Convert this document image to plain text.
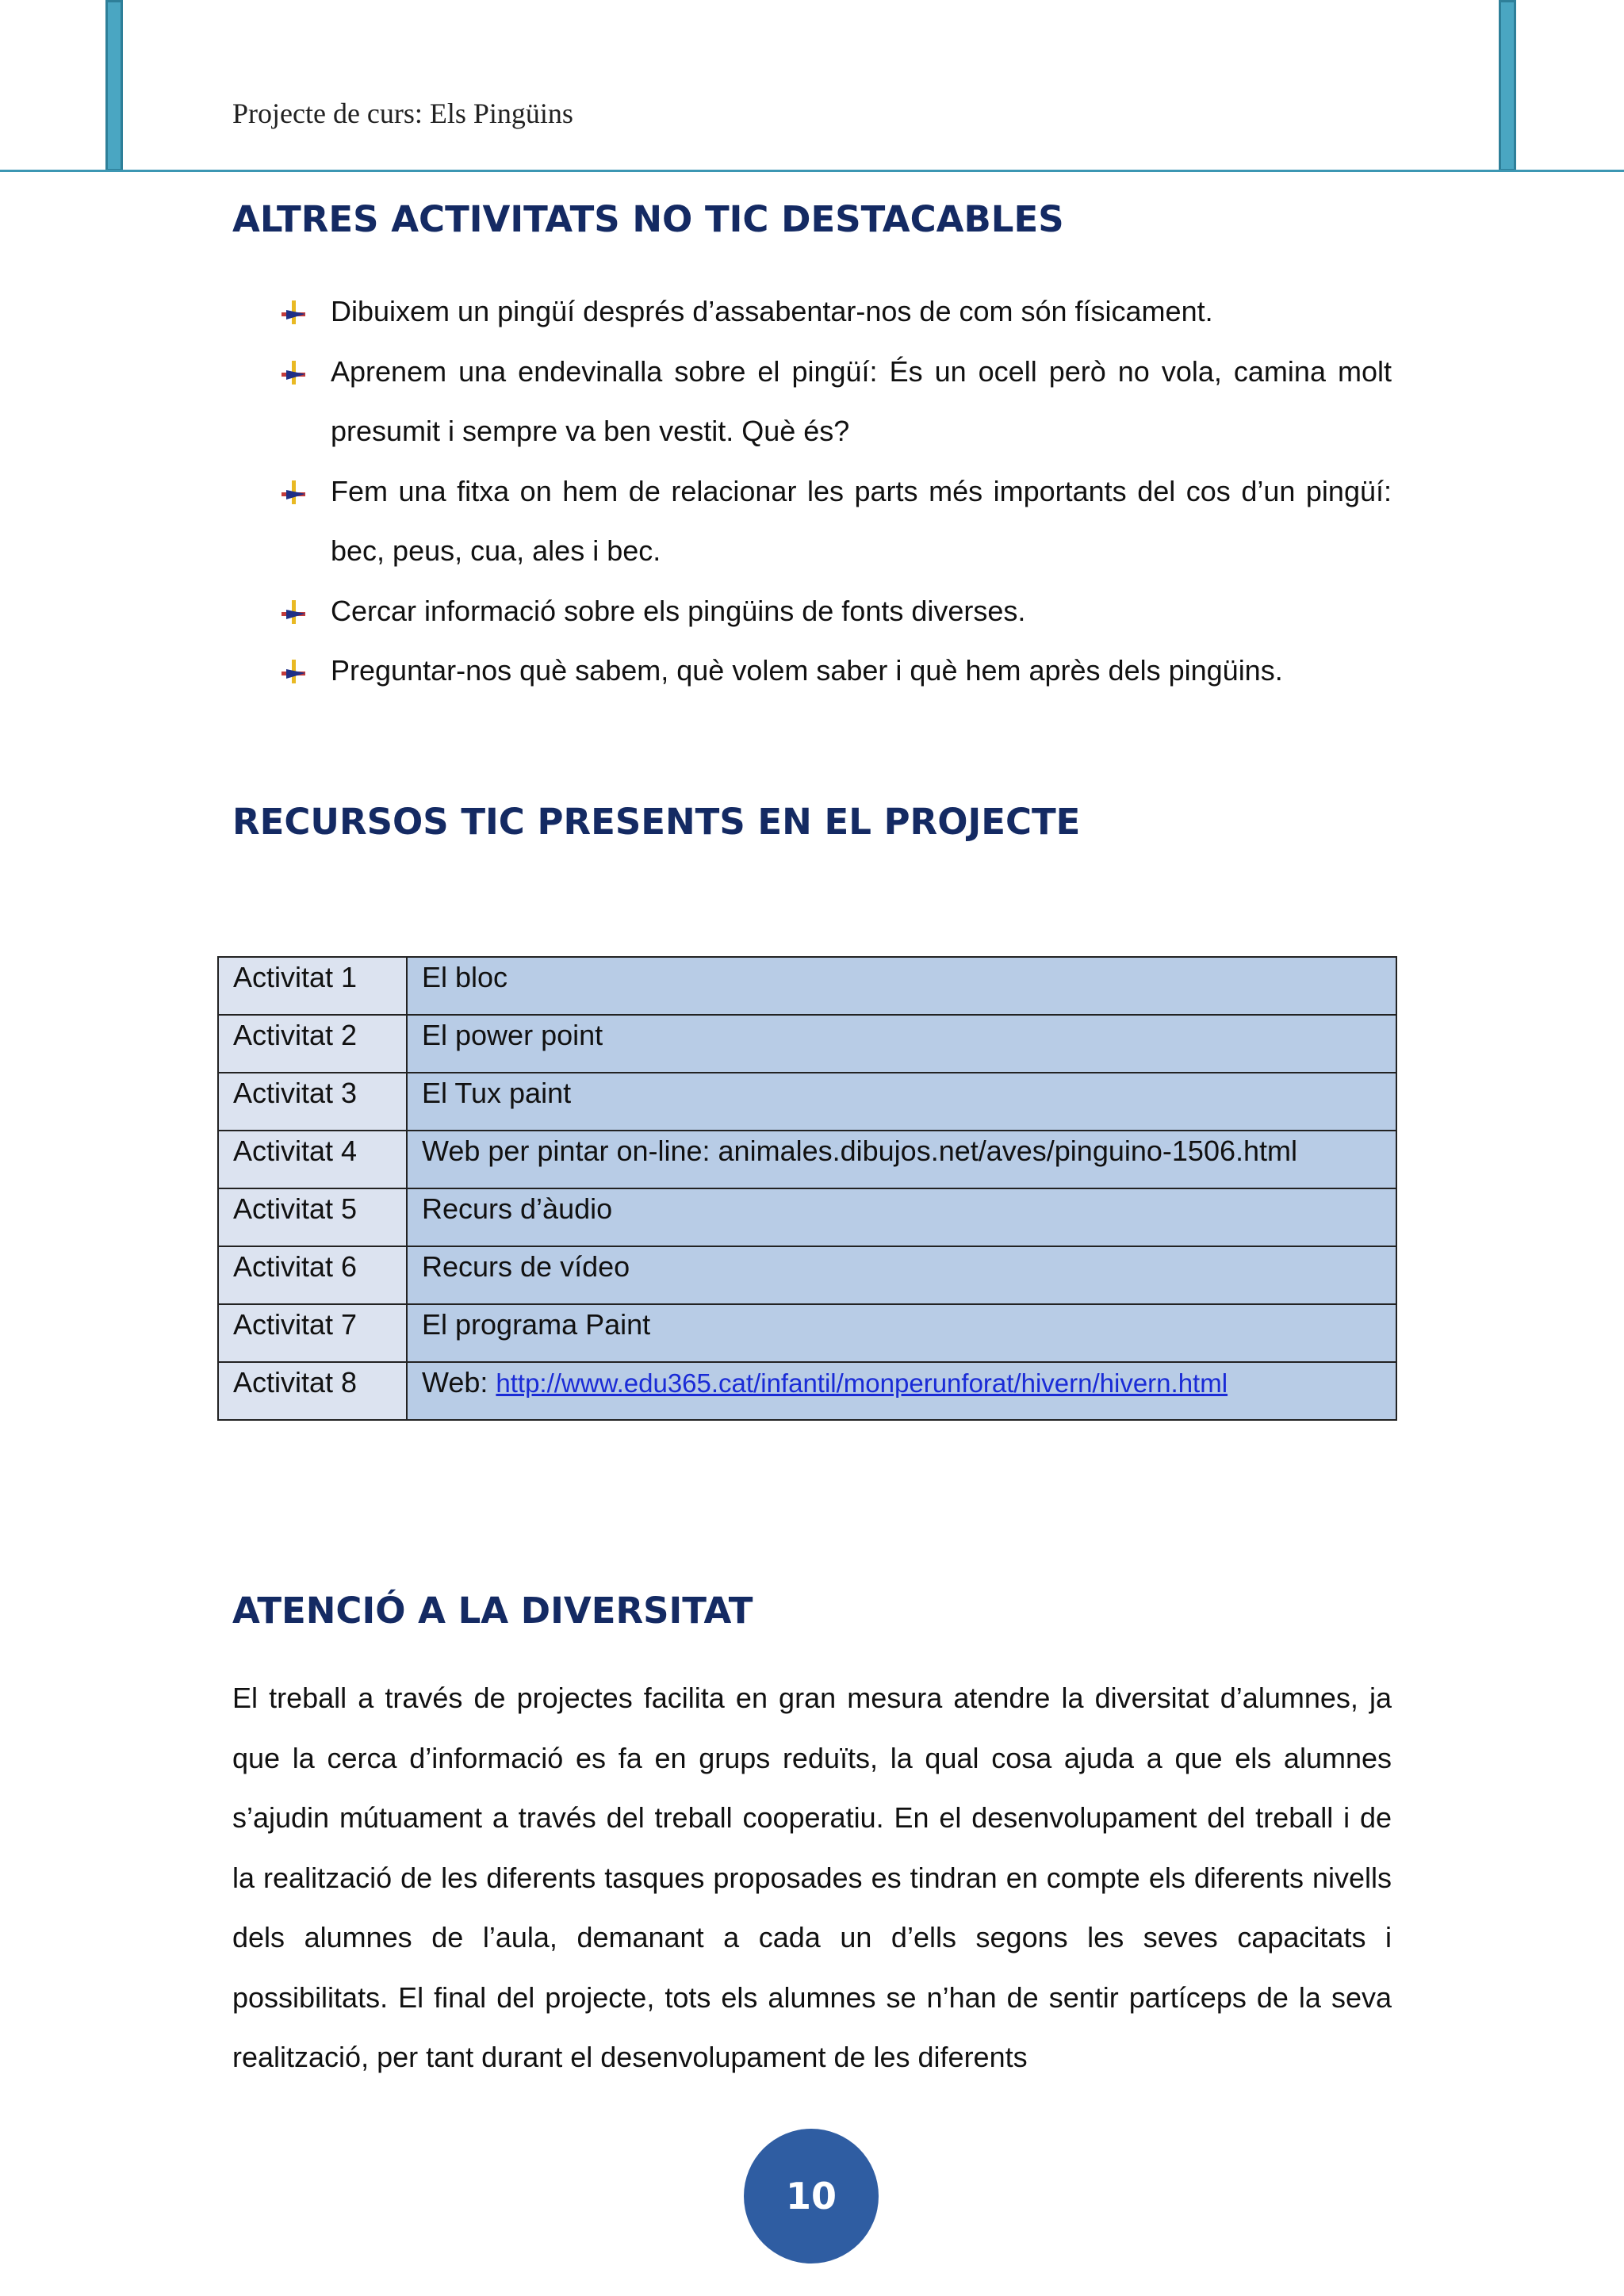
Projecte de curs: Els Pingüins
ALTRES ACTIVITATS NO TIC DESTACABLES
Dibuixem un pingüí després d’assabentar-nos de com són físicament.
Aprenem una endevinalla sobre el pingüí: És un ocell però no vola, camina molt presumit i sempre va ben vestit. Què és?
Fem una fitxa on hem de relacionar les parts més importants del cos d’un pingüí: bec, peus, cua, ales i bec.
Cercar informació sobre els pingüins de fonts diverses.
Preguntar-nos què sabem, què volem saber i què hem après dels pingüins.
RECURSOS TIC PRESENTS EN EL PROJECTE
Activitat 1	El bloc
Activitat 2	El power point
Activitat 3	El Tux paint
Activitat 4	Web per pintar on-line: animales.dibujos.net/aves/pinguino-1506.html
Activitat 5	Recurs d’àudio
Activitat 6	Recurs de vídeo
Activitat 7	El programa Paint
Activitat 8	Web: http://www.edu365.cat/infantil/monperunforat/hivern/hivern.html
ATENCIÓ A LA DIVERSITAT

El treball a través de projectes facilita en gran mesura atendre la diversitat d’alumnes, ja que la cerca d’informació es fa en grups reduïts, la qual cosa ajuda a que els alumnes s’ajudin mútuament a través del treball cooperatiu. En el desenvolupament del treball i de la realització de les diferents tasques proposades es tindran en compte els diferents nivells dels alumnes de l’aula, demanant a cada un d’ells segons les seves capacitats i possibilitats. El final del projecte, tots els alumnes se n’han de sentir partíceps de la seva realització, per tant durant el desenvolupament de les diferents

10
